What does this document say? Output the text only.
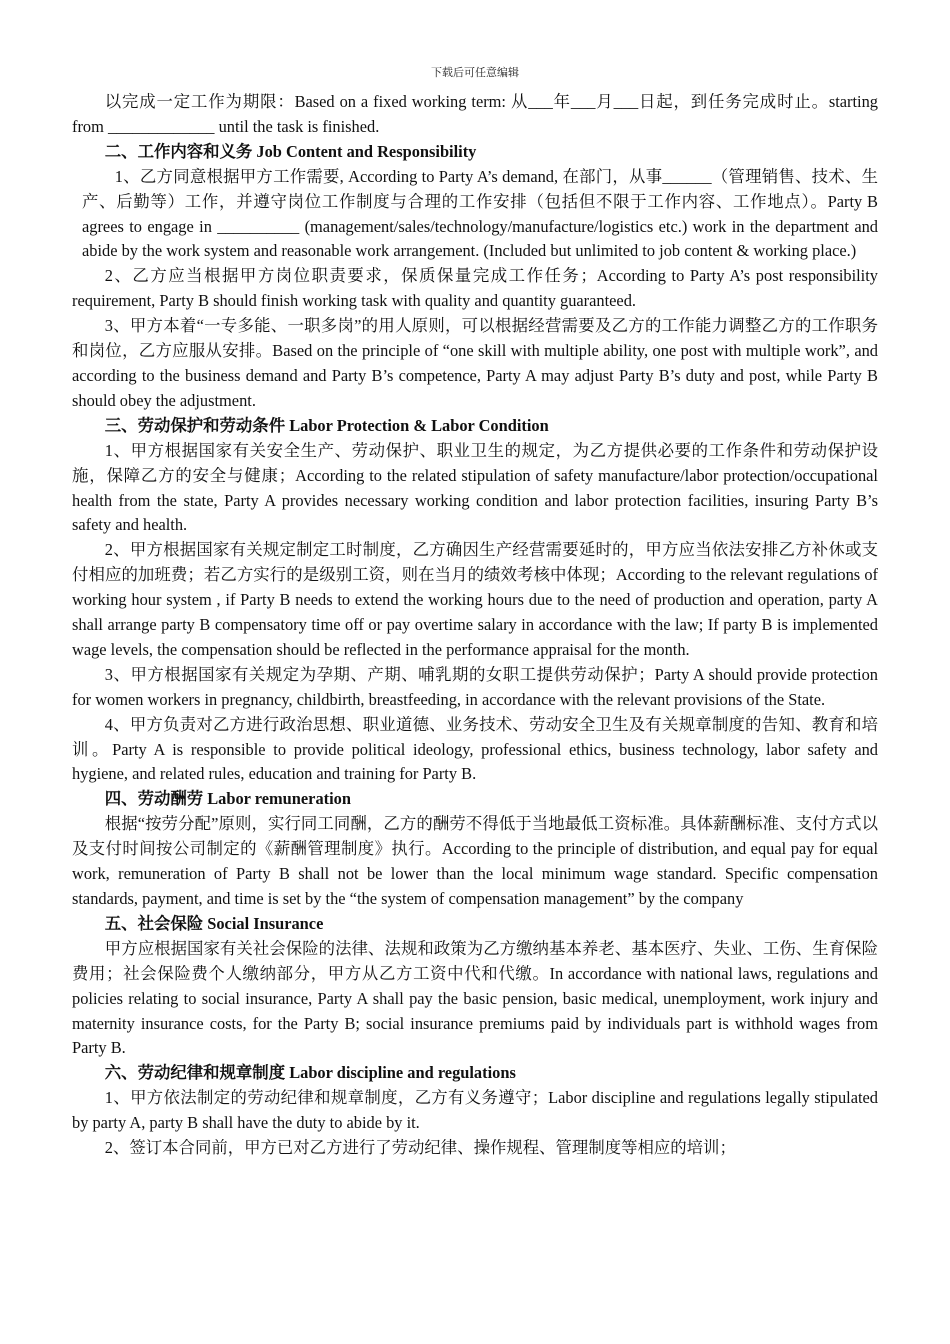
下载后可任意编辑

以完成一定工作为期限：Based on a fixed working term: 从___年___月___日起，到任务完成时止。starting from _____________ until the task is finished.

二、工作内容和义务 Job Content and Responsibility

1、乙方同意根据甲方工作需要, According to Party A’s demand, 在部门，从事______（管理销售、技术、生产、后勤等）工作，并遵守岗位工作制度与合理的工作安排（包括但不限于工作内容、工作地点）。Party B agrees to engage in __________ (management/sales/technology/manufacture/logistics etc.) work in the department and abide by the work system and reasonable work arrangement. (Included but unlimited to job content & working place.)

2、乙方应当根据甲方岗位职责要求，保质保量完成工作任务；According to Party A’s post responsibility requirement, Party B should finish working task with quality and quantity guaranteed.

3、甲方本着“一专多能、一职多岗”的用人原则，可以根据经营需要及乙方的工作能力调整乙方的工作职务和岗位，乙方应服从安排。Based on the principle of “one skill with multiple ability, one post with multiple work”, and according to the business demand and Party B’s competence, Party A may adjust Party B’s duty and post, while Party B should obey the adjustment.

三、劳动保护和劳动条件 Labor Protection & Labor Condition

1、甲方根据国家有关安全生产、劳动保护、职业卫生的规定，为乙方提供必要的工作条件和劳动保护设施，保障乙方的安全与健康；According to the related stipulation of safety manufacture/labor protection/occupational health from the state, Party A provides necessary working condition and labor protection facilities, insuring Party B’s safety and health.

2、甲方根据国家有关规定制定工时制度，乙方确因生产经营需要延时的，甲方应当依法安排乙方补休或支付相应的加班费；若乙方实行的是级别工资，则在当月的绩效考核中体现；According to the relevant regulations of working hour system , if Party B needs to extend the working hours due to the need of production and operation, party A shall arrange party B compensatory time off or pay overtime salary in accordance with the law; If party B is implemented wage levels, the compensation should be reflected in the performance appraisal for the month.

3、甲方根据国家有关规定为孕期、产期、哺乳期的女职工提供劳动保护；Party A should provide protection for women workers in pregnancy, childbirth, breastfeeding, in accordance with the relevant provisions of the State.

4、甲方负责对乙方进行政治思想、职业道德、业务技术、劳动安全卫生及有关规章制度的告知、教育和培训。Party A is responsible to provide political ideology, professional ethics, business technology, labor safety and hygiene, and related rules, education and training for Party B.

四、劳动酬劳 Labor remuneration

根据“按劳分配”原则，实行同工同酬，乙方的酬劳不得低于当地最低工资标准。具体薪酬标准、支付方式以及支付时间按公司制定的《薪酬管理制度》执行。According to the principle of distribution, and equal pay for equal work, remuneration of Party B shall not be lower than the local minimum wage standard. Specific compensation standards, payment, and time is set by the “the system of compensation management” by the company

五、社会保险 Social Insurance

甲方应根据国家有关社会保险的法律、法规和政策为乙方缴纳基本养老、基本医疗、失业、工伤、生育保险费用；社会保险费个人缴纳部分，甲方从乙方工资中代和代缴。In accordance with national laws, regulations and policies relating to social insurance, Party A shall pay the basic pension, basic medical, unemployment, work injury and maternity insurance costs, for the Party B; social insurance premiums paid by individuals part is withhold wages from Party B.

六、劳动纪律和规章制度 Labor discipline and regulations

1、甲方依法制定的劳动纪律和规章制度，乙方有义务遵守；Labor discipline and regulations legally stipulated by party A, party B shall have the duty to abide by it.

2、签订本合同前，甲方已对乙方进行了劳动纪律、操作规程、管理制度等相应的培训；
